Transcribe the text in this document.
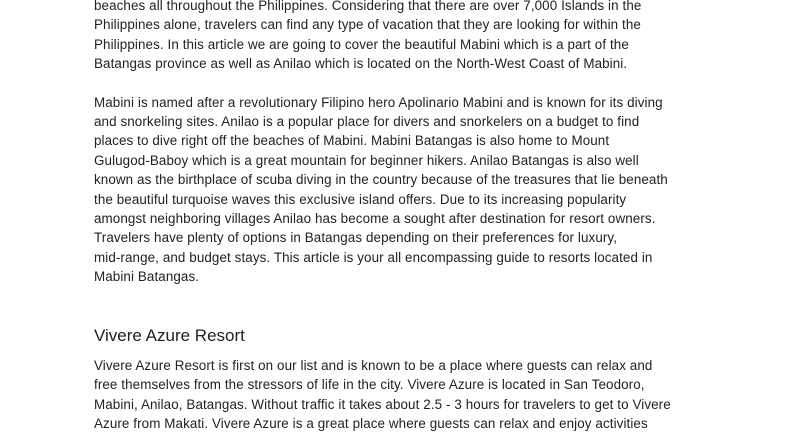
beaches all throughout the Philippines. Considering that there are over 7,000 Islands in the
Philippines alone, travelers can find any type of vacation that they are looking for within the
Philippines. In this article we are going to cover the beautiful Mabini which is a part of the
Batangas province as well as Anilao which is located on the North-West Coast of Mabini.

Mabini is named after a revolutionary Filipino hero Apolinario Mabini and is known for its diving
and snorkeling sites. Anilao is a popular place for divers and snorkelers on a budget to find
places to dive right off the beaches of Mabini. Mabini Batangas is also home to Mount
Gulugod-Baboy which is a great mountain for beginner hikers. Anilao Batangas is also well
known as the birthplace of scuba diving in the country because of the treasures that lie beneath
the beautiful turquoise waves this exclusive island offers. Due to its increasing popularity
amongst neighboring villages Anilao has become a sought after destination for resort owners.
Travelers have plenty of options in Batangas depending on their preferences for luxury,
mid-range, and budget stays. This article is your all encompassing guide to resorts located in
Mabini Batangas.

Vivere Azure Resort

Vivere Azure Resort is first on our list and is known to be a place where guests can relax and
free themselves from the stressors of life in the city. Vivere Azure is located in San Teodoro,
Mabini, Anilao, Batangas. Without traffic it takes about 2.5 - 3 hours for travelers to get to Vivere
Azure from Makati. Vivere Azure is a great place where guests can relax and enjoy activities
